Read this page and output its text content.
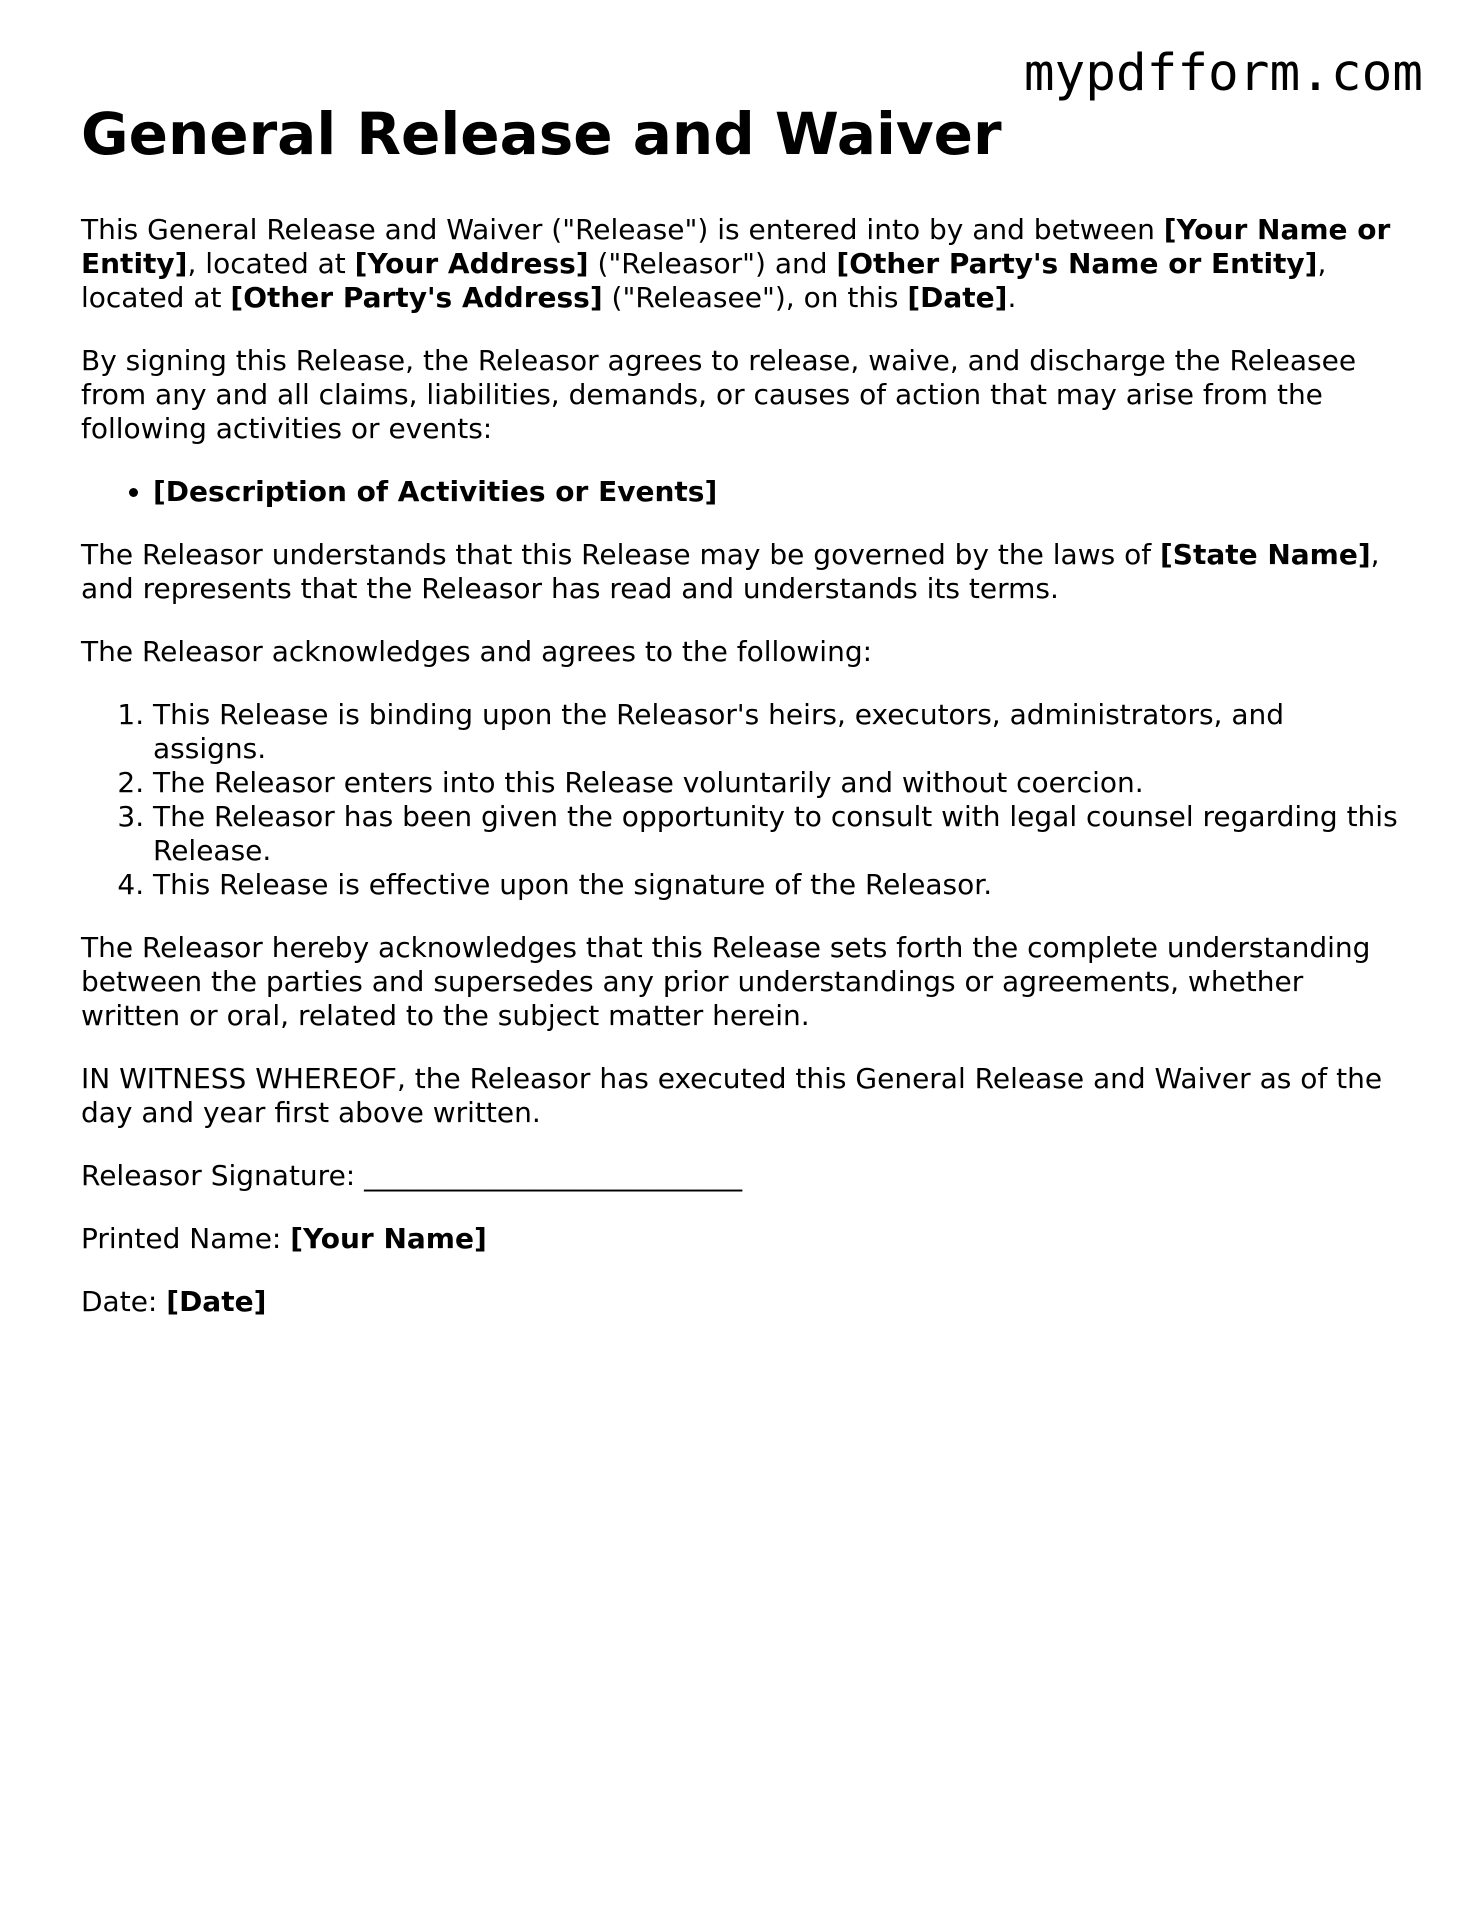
mypdfform.com
General Release and Waiver

This General Release and Waiver ("Release") is entered into by and between [Your Name or Entity], located at [Your Address] ("Releasor") and [Other Party's Name or Entity], located at [Other Party's Address] ("Releasee"), on this [Date].

By signing this Release, the Releasor agrees to release, waive, and discharge the Releasee from any and all claims, liabilities, demands, or causes of action that may arise from the following activities or events:

• [Description of Activities or Events]

The Releasor understands that this Release may be governed by the laws of [State Name], and represents that the Releasor has read and understands its terms.

The Releasor acknowledges and agrees to the following:

1. This Release is binding upon the Releasor's heirs, executors, administrators, and assigns.
2. The Releasor enters into this Release voluntarily and without coercion.
3. The Releasor has been given the opportunity to consult with legal counsel regarding this Release.
4. This Release is effective upon the signature of the Releasor.

The Releasor hereby acknowledges that this Release sets forth the complete understanding between the parties and supersedes any prior understandings or agreements, whether written or oral, related to the subject matter herein.

IN WITNESS WHEREOF, the Releasor has executed this General Release and Waiver as of the day and year first above written.

Releasor Signature: ___________________________

Printed Name: [Your Name]

Date: [Date]
